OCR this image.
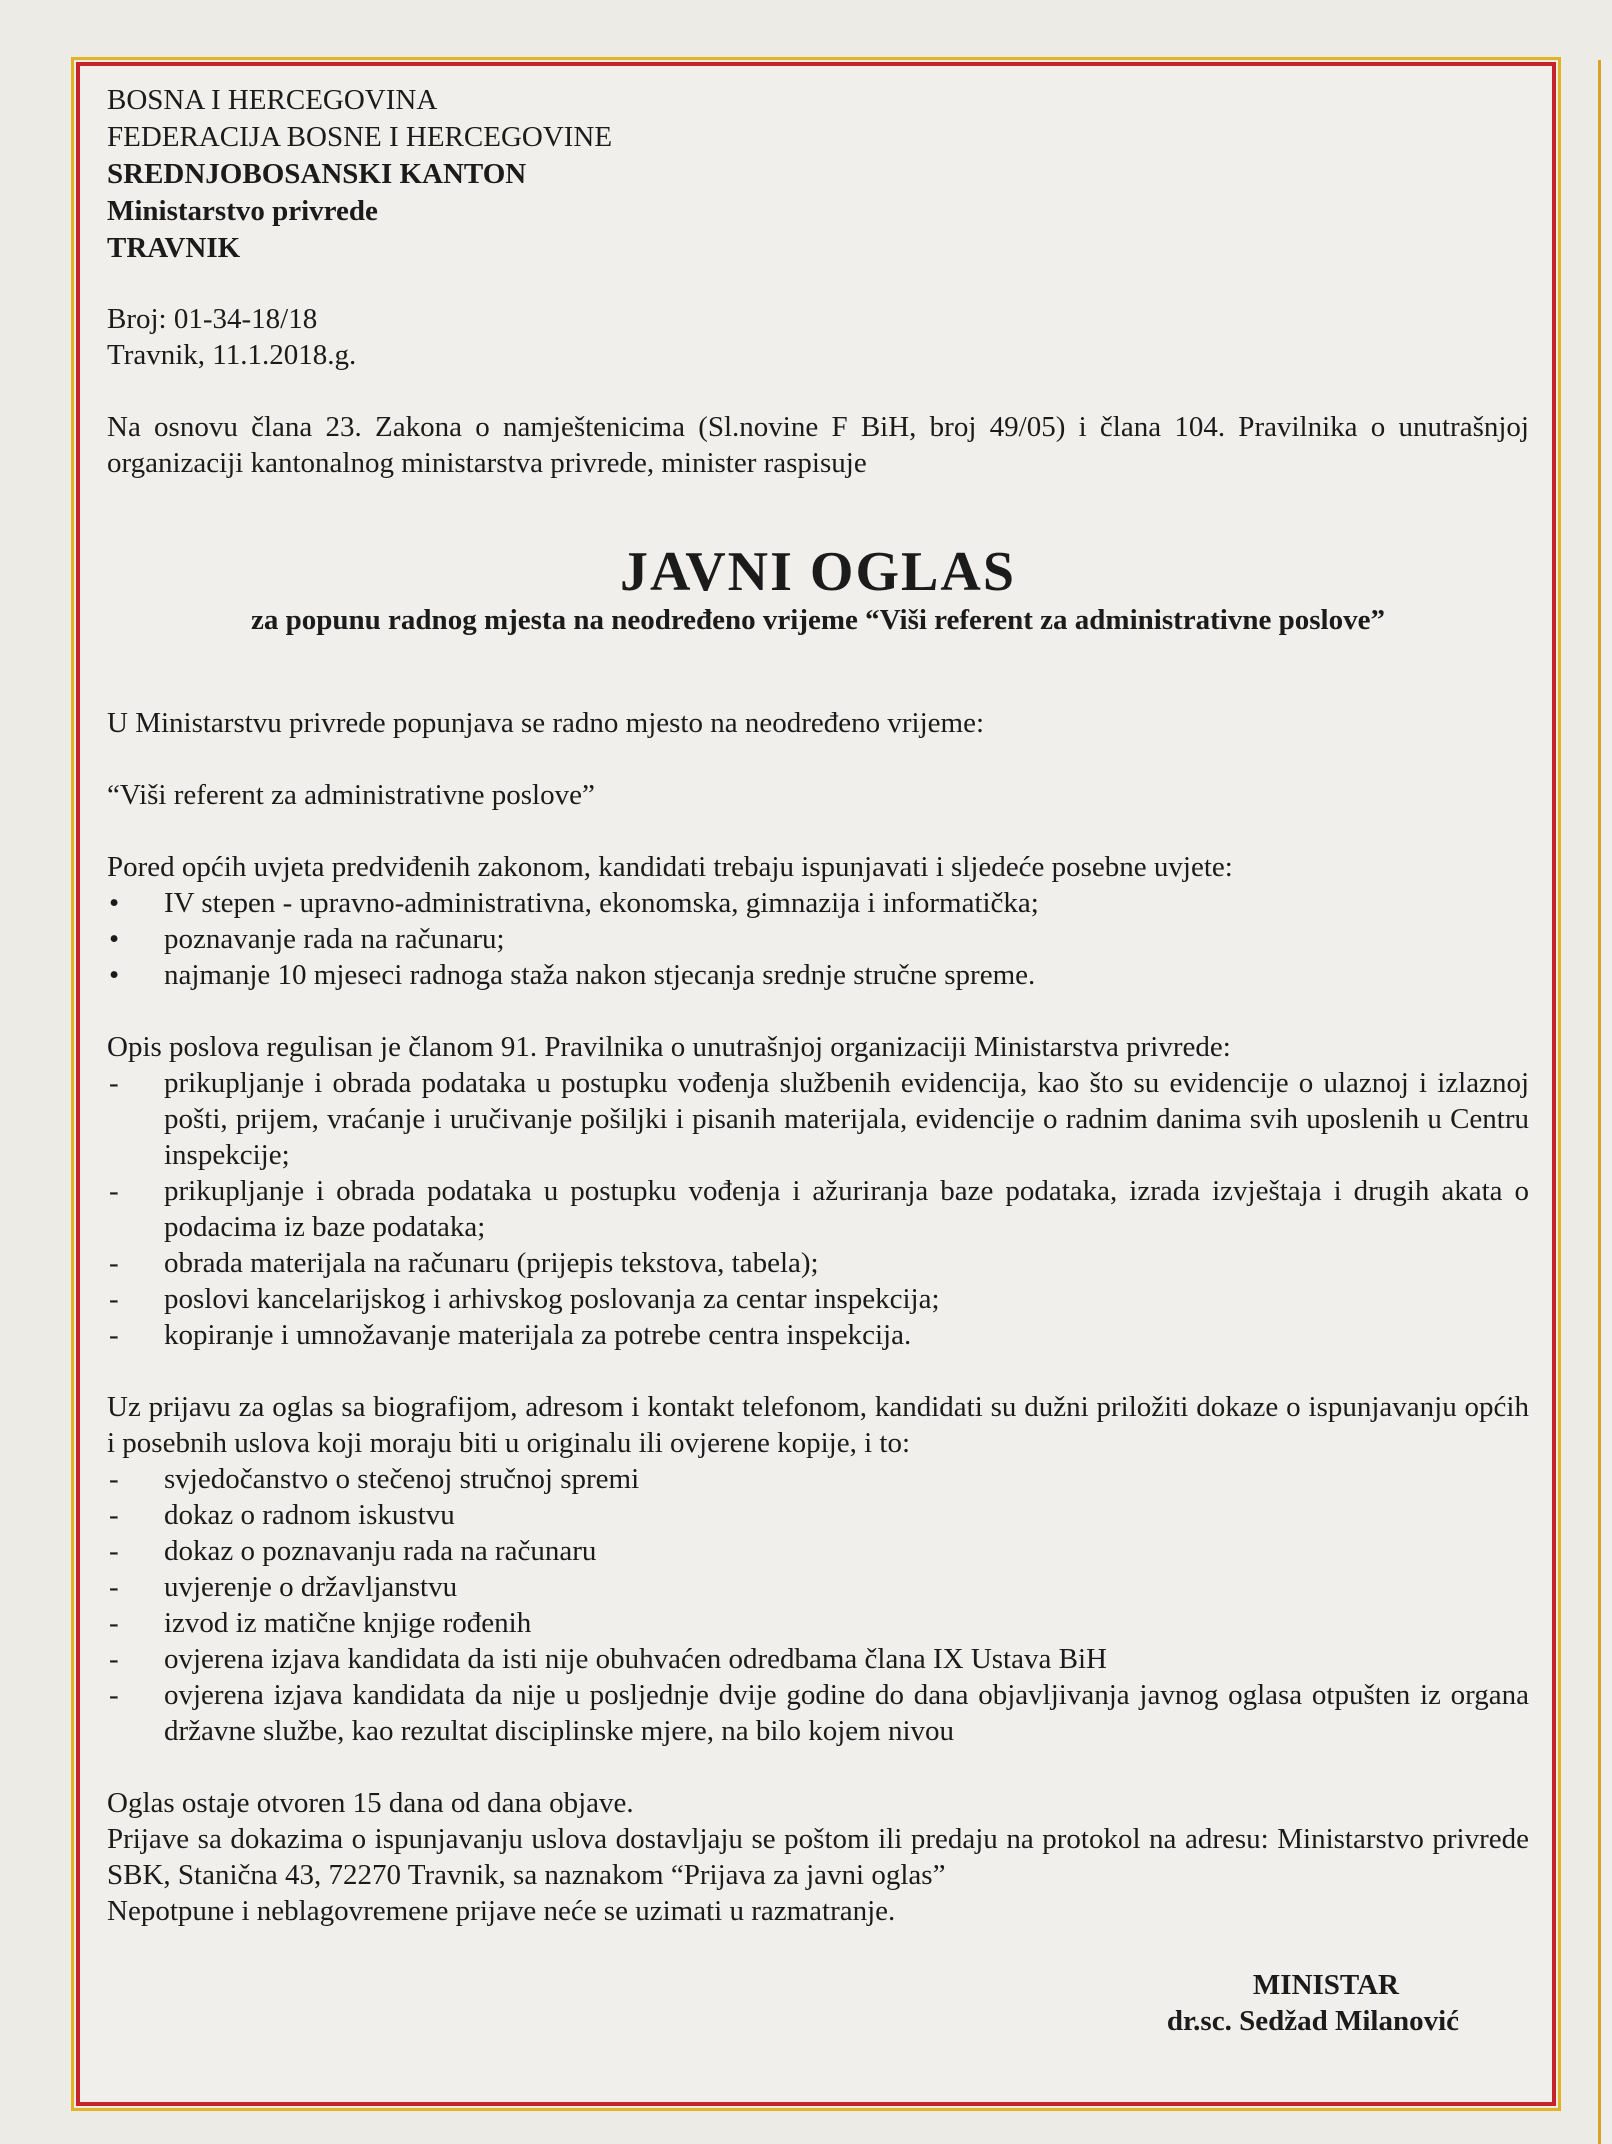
BOSNA I HERCEGOVINA
FEDERACIJA BOSNE I HERCEGOVINE
SREDNJOBOSANSKI KANTON
Ministarstvo privrede
TRAVNIK
Broj: 01-34-18/18
Travnik, 11.1.2018.g.
Na osnovu člana 23. Zakona o namještenicima (Sl.novine F BiH, broj 49/05) i člana 104. Pravilnika o unutrašnjoj organizaciji kantonalnog ministarstva privrede, minister raspisuje
JAVNI OGLAS
za popunu radnog mjesta na neodređeno vrijeme “Viši referent za administrativne poslove”
U Ministarstvu privrede popunjava se radno mjesto na neodređeno vrijeme:
“Viši referent za administrativne poslove”
Pored općih uvjeta predviđenih zakonom, kandidati trebaju ispunjavati i sljedeće posebne uvjete:
• IV stepen - upravno-administrativna, ekonomska, gimnazija i informatička;
• poznavanje rada na računaru;
• najmanje 10 mjeseci radnoga staža nakon stjecanja srednje stručne spreme.
Opis poslova regulisan je članom 91. Pravilnika o unutrašnjoj organizaciji Ministarstva privrede:
- prikupljanje i obrada podataka u postupku vođenja službenih evidencija, kao što su evidencije o ulaznoj i izlaznoj pošti, prijem, vraćanje i uručivanje pošiljki i pisanih materijala, evidencije o radnim danima svih uposlenih u Centru inspekcije;
- prikupljanje i obrada podataka u postupku vođenja i ažuriranja baze podataka, izrada izvještaja i drugih akata o podacima iz baze podataka;
- obrada materijala na računaru (prijepis tekstova, tabela);
- poslovi kancelarijskog i arhivskog poslovanja za centar inspekcija;
- kopiranje i umnožavanje materijala za potrebe centra inspekcija.
Uz prijavu za oglas sa biografijom, adresom i kontakt telefonom, kandidati su dužni priložiti dokaze o ispunjavanju općih i posebnih uslova koji moraju biti u originalu ili ovjerene kopije, i to:
- svjedočanstvo o stečenoj stručnoj spremi
- dokaz o radnom iskustvu
- dokaz o poznavanju rada na računaru
- uvjerenje o državljanstvu
- izvod iz matične knjige rođenih
- ovjerena izjava kandidata da isti nije obuhvaćen odredbama člana IX Ustava BiH
- ovjerena izjava kandidata da nije u posljednje dvije godine do dana objavljivanja javnog oglasa otpušten iz organa državne službe, kao rezultat disciplinske mjere, na bilo kojem nivou
Oglas ostaje otvoren 15 dana od dana objave.
Prijave sa dokazima o ispunjavanju uslova dostavljaju se poštom ili predaju na protokol na adresu: Ministarstvo privrede SBK, Stanična 43, 72270 Travnik, sa naznakom “Prijava za javni oglas”
Nepotpune i neblagovremene prijave neće se uzimati u razmatranje.
MINISTAR
dr.sc. Sedžad Milanović
